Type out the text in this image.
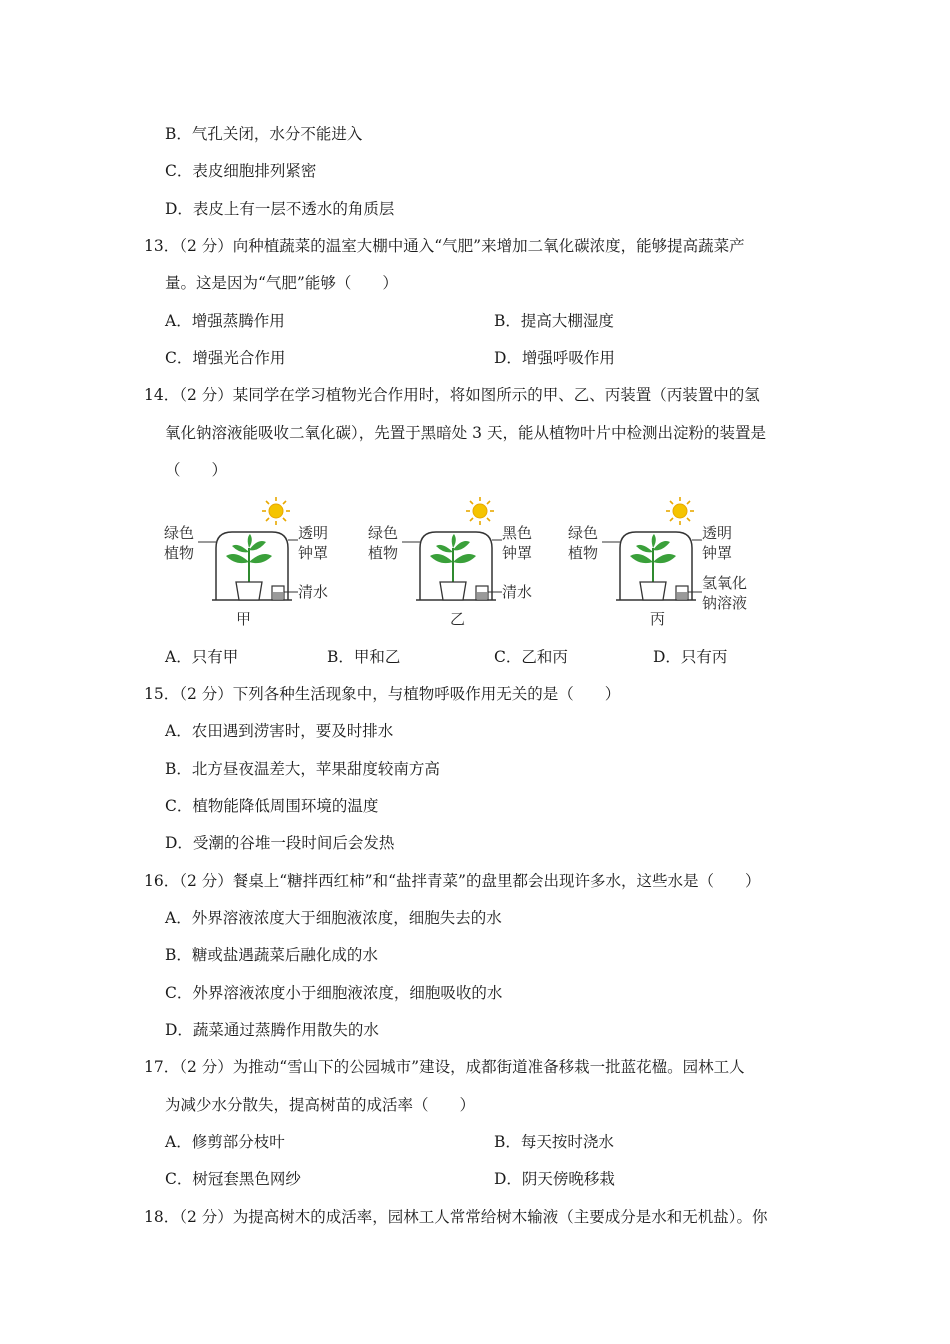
B．气孔关闭，水分不能进入
C．表皮细胞排列紧密
D．表皮上有一层不透水的角质层
13．（2 分）向种植蔬菜的温室大棚中通入“气肥”来增加二氧化碳浓度，能够提高蔬菜产
量。这是因为“气肥”能够（　　）
A．增强蒸腾作用	B．提高大棚湿度
C．增强光合作用	D．增强呼吸作用
14．（2 分）某同学在学习植物光合作用时，将如图所示的甲、乙、丙装置（丙装置中的氢
氧化钠溶液能吸收二氧化碳），先置于黑暗处 3 天，能从植物叶片中检测出淀粉的装置是
（　　）
绿色
植物
透明
钟罩
清水
甲
绿色
植物
黑色
钟罩
清水
乙
绿色
植物
透明
钟罩
氢氧化
钠溶液
丙
A．只有甲	B．甲和乙	C．乙和丙	D．只有丙
15．（2 分）下列各种生活现象中，与植物呼吸作用无关的是（　　）
A．农田遇到涝害时，要及时排水
B．北方昼夜温差大，苹果甜度较南方高
C．植物能降低周围环境的温度
D．受潮的谷堆一段时间后会发热
16．（2 分）餐桌上“糖拌西红柿”和“盐拌青菜”的盘里都会出现许多水，这些水是（　　）
A．外界溶液浓度大于细胞液浓度，细胞失去的水
B．糖或盐遇蔬菜后融化成的水
C．外界溶液浓度小于细胞液浓度，细胞吸收的水
D．蔬菜通过蒸腾作用散失的水
17．（2 分）为推动“雪山下的公园城市”建设，成都街道准备移栽一批蓝花楹。园林工人
为减少水分散失，提高树苗的成活率（　　）
A．修剪部分枝叶	B．每天按时浇水
C．树冠套黑色网纱	D．阴天傍晚移栽
18．（2 分）为提高树木的成活率，园林工人常常给树木输液（主要成分是水和无机盐）。你
